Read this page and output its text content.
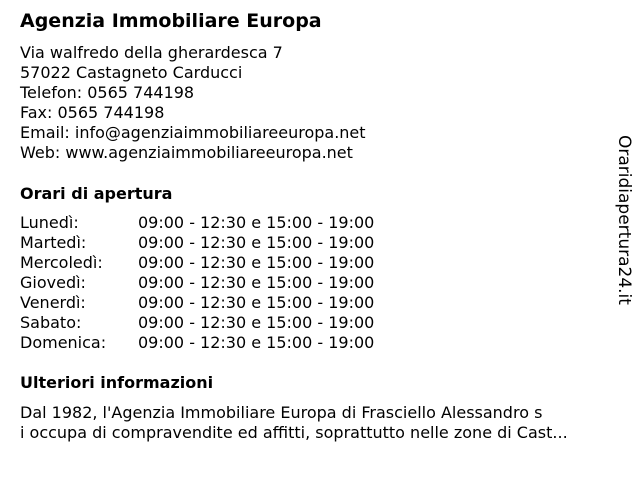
Agenzia Immobiliare Europa
Via walfredo della gherardesca 7
57022 Castagneto Carducci
Telefon: 0565 744198
Fax: 0565 744198
Email: info@agenziaimmobiliareeuropa.net
Web: www.agenziaimmobiliareeuropa.net
Orari di apertura
Lunedì:	09:00 - 12:30 e 15:00 - 19:00
Martedì:	09:00 - 12:30 e 15:00 - 19:00
Mercoledì:	09:00 - 12:30 e 15:00 - 19:00
Giovedì:	09:00 - 12:30 e 15:00 - 19:00
Venerdì:	09:00 - 12:30 e 15:00 - 19:00
Sabato:	09:00 - 12:30 e 15:00 - 19:00
Domenica:	09:00 - 12:30 e 15:00 - 19:00
Ulteriori informazioni
Dal 1982, l'Agenzia Immobiliare Europa di Frasciello Alessandro s
i occupa di compravendite ed affitti, soprattutto nelle zone di Cast...
Oraridiapertura24.it
